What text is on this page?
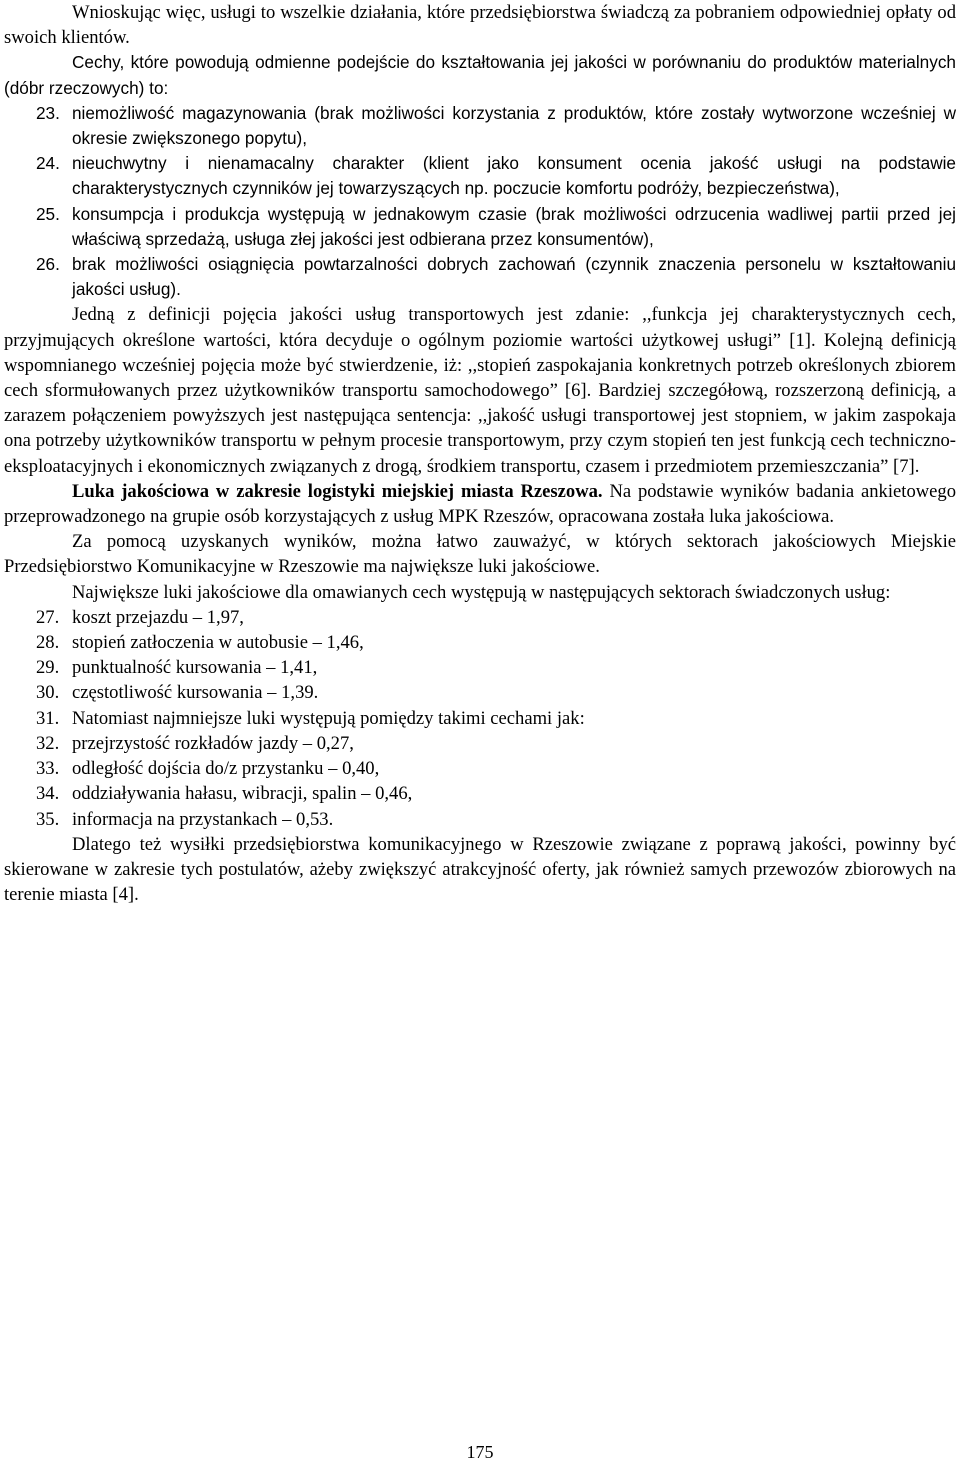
Wnioskując więc, usługi to wszelkie działania, które przedsiębiorstwa świadczą za pobraniem odpowiedniej opłaty od swoich klientów.

Cechy, które powodują odmienne podejście do kształtowania jej jakości w porównaniu do produktów materialnych (dóbr rzeczowych) to:

23. niemożliwość magazynowania (brak możliwości korzystania z produktów, które zostały wytworzone wcześniej w okresie zwiększonego popytu),
24. nieuchwytny i nienamacalny charakter (klient jako konsument ocenia jakość usługi na podstawie charakterystycznych czynników jej towarzyszących np. poczucie komfortu podróży, bezpieczeństwa),
25. konsumpcja i produkcja występują w jednakowym czasie (brak możliwości odrzucenia wadliwej partii przed jej właściwą sprzedażą, usługa złej jakości jest odbierana przez konsumentów),
26. brak możliwości osiągnięcia powtarzalności dobrych zachowań (czynnik znaczenia personelu w kształtowaniu jakości usług).

Jedną z definicji pojęcia jakości usług transportowych jest zdanie: ,,funkcja jej charakterystycznych cech, przyjmujących określone wartości, która decyduje o ogólnym poziomie wartości użytkowej usługi” [1]. Kolejną definicją wspomnianego wcześniej pojęcia może być stwierdzenie, iż: ,,stopień zaspokajania konkretnych potrzeb określonych zbiorem cech sformułowanych przez użytkowników transportu samochodowego” [6]. Bardziej szczegółową, rozszerzoną definicją, a zarazem połączeniem powyższych jest następująca sentencja: ,,jakość usługi transportowej jest stopniem, w jakim zaspokaja ona potrzeby użytkowników transportu w pełnym procesie transportowym, przy czym stopień ten jest funkcją cech techniczno-eksploatacyjnych i ekonomicznych związanych z drogą, środkiem transportu, czasem i przedmiotem przemieszczania” [7].

Luka jakościowa w zakresie logistyki miejskiej miasta Rzeszowa. Na podstawie wyników badania ankietowego przeprowadzonego na grupie osób korzystających z usług MPK Rzeszów, opracowana została luka jakościowa.

Za pomocą uzyskanych wyników, można łatwo zauważyć, w których sektorach jakościowych Miejskie Przedsiębiorstwo Komunikacyjne w Rzeszowie ma największe luki jakościowe.

Największe luki jakościowe dla omawianych cech występują w następujących sektorach świadczonych usług:

27. koszt przejazdu – 1,97,
28. stopień zatłoczenia w autobusie – 1,46,
29. punktualność kursowania – 1,41,
30. częstotliwość kursowania – 1,39.
31. Natomiast najmniejsze luki występują pomiędzy takimi cechami jak:
32. przejrzystość rozkładów jazdy – 0,27,
33. odległość dojścia do/z przystanku – 0,40,
34. oddziaływania hałasu, wibracji, spalin – 0,46,
35. informacja na przystankach – 0,53.

Dlatego też wysiłki przedsiębiorstwa komunikacyjnego w Rzeszowie związane z poprawą jakości, powinny być skierowane w zakresie tych postulatów, ażeby zwiększyć atrakcyjność oferty, jak również samych przewozów zbiorowych na terenie miasta [4].

175
